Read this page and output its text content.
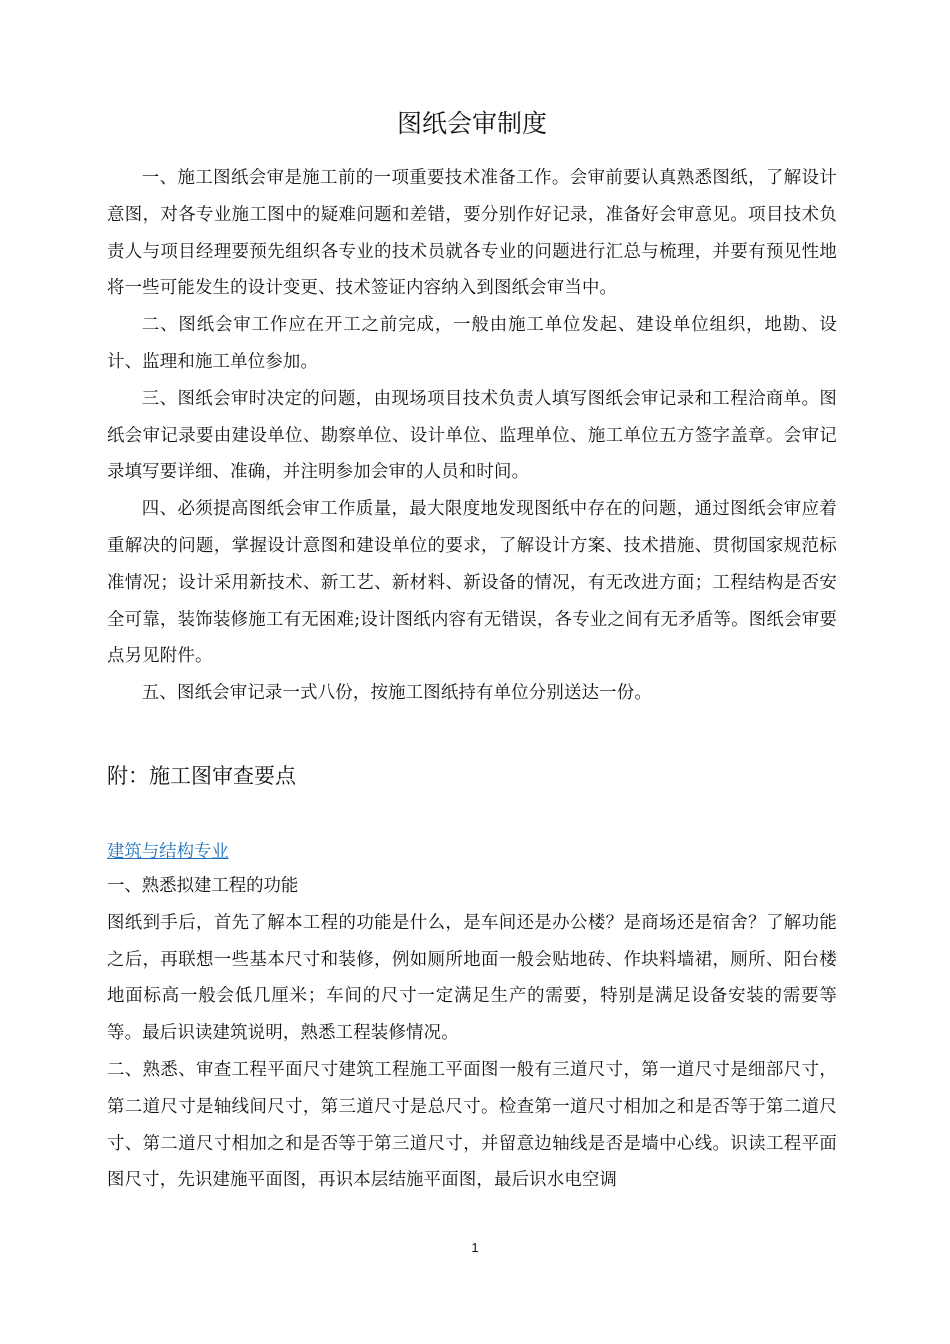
图纸会审制度

一、施工图纸会审是施工前的一项重要技术准备工作。会审前要认真熟悉图纸，了解设计意图，对各专业施工图中的疑难问题和差错，要分别作好记录，准备好会审意见。项目技术负责人与项目经理要预先组织各专业的技术员就各专业的问题进行汇总与梳理，并要有预见性地将一些可能发生的设计变更、技术签证内容纳入到图纸会审当中。

二、图纸会审工作应在开工之前完成，一般由施工单位发起、建设单位组织，地勘、设计、监理和施工单位参加。

三、图纸会审时决定的问题，由现场项目技术负责人填写图纸会审记录和工程洽商单。图纸会审记录要由建设单位、勘察单位、设计单位、监理单位、施工单位五方签字盖章。会审记录填写要详细、准确，并注明参加会审的人员和时间。

四、必须提高图纸会审工作质量，最大限度地发现图纸中存在的问题，通过图纸会审应着重解决的问题，掌握设计意图和建设单位的要求，了解设计方案、技术措施、贯彻国家规范标准情况；设计采用新技术、新工艺、新材料、新设备的情况，有无改进方面；工程结构是否安全可靠，装饰装修施工有无困难;设计图纸内容有无错误，各专业之间有无矛盾等。图纸会审要点另见附件。

五、图纸会审记录一式八份，按施工图纸持有单位分别送达一份。

附：施工图审查要点
建筑与结构专业

一、熟悉拟建工程的功能

图纸到手后，首先了解本工程的功能是什么，是车间还是办公楼？是商场还是宿舍？了解功能之后，再联想一些基本尺寸和装修，例如厕所地面一般会贴地砖、作块料墙裙，厕所、阳台楼地面标高一般会低几厘米；车间的尺寸一定满足生产的需要，特别是满足设备安装的需要等等。最后识读建筑说明，熟悉工程装修情况。

二、熟悉、审查工程平面尺寸建筑工程施工平面图一般有三道尺寸，第一道尺寸是细部尺寸，第二道尺寸是轴线间尺寸，第三道尺寸是总尺寸。检查第一道尺寸相加之和是否等于第二道尺寸、第二道尺寸相加之和是否等于第三道尺寸，并留意边轴线是否是墙中心线。识读工程平面图尺寸，先识建施平面图，再识本层结施平面图，最后识水电空调

1
